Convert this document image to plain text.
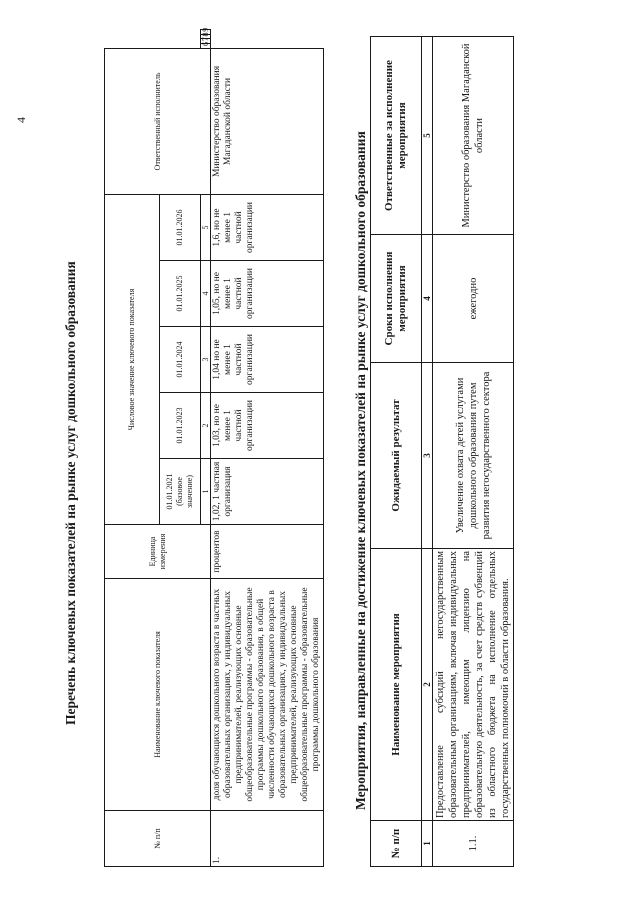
4
Перечень ключевых показателей на рынке услуг дошкольного образования
№ п/п	Наименование ключевого показателя	Единица измерения	Числовое значение ключевого показателя					Ответственный исполнитель				
			01.01.2021 (базовое значение)	01.01.2023	01.01.2024	01.01.2025	01.01.2026					
			1	2	3	4	5		6	7	8	9
1.	доля обучающихся дошкольного возраста в частных образовательных организациях, у индивидуальных предпринимателей, реализующих основные общеобразовательные программы - образовательные программы дошкольного образования, в общей численности обучающихся дошкольного возраста в образовательных организациях, у индивидуальных предпринимателей, реализующих основные общеобразовательные программы - образовательные программы дошкольного образования	процентов	1,02, 1 частная организация	1,03, но не менее 1 частной организации	1,04 но не менее 1 частной организации	1,05, но не менее 1 частной организации	1,6, но не менее 1 частной организации	Министерство образования Магаданской области				
Мероприятия, направленные на достижение ключевых показателей на рынке услуг дошкольного образования
№ п/п	Наименование мероприятия	Ожидаемый результат	Сроки исполнения мероприятия	Ответственные за исполнение мероприятия
1	2	3	4	5
1.1.	Предоставление субсидий негосударственным образовательным организациям, включая индивидуальных предпринимателей, имеющим лицензию на образовательную деятельность, за счет средств субвенций из областного бюджета на исполнение отдельных государственных полномочий в области образования.	Увеличение охвата детей услугами дошкольного образования путем развития негосударственного сектора	ежегодно	Министерство образования Магаданской области
